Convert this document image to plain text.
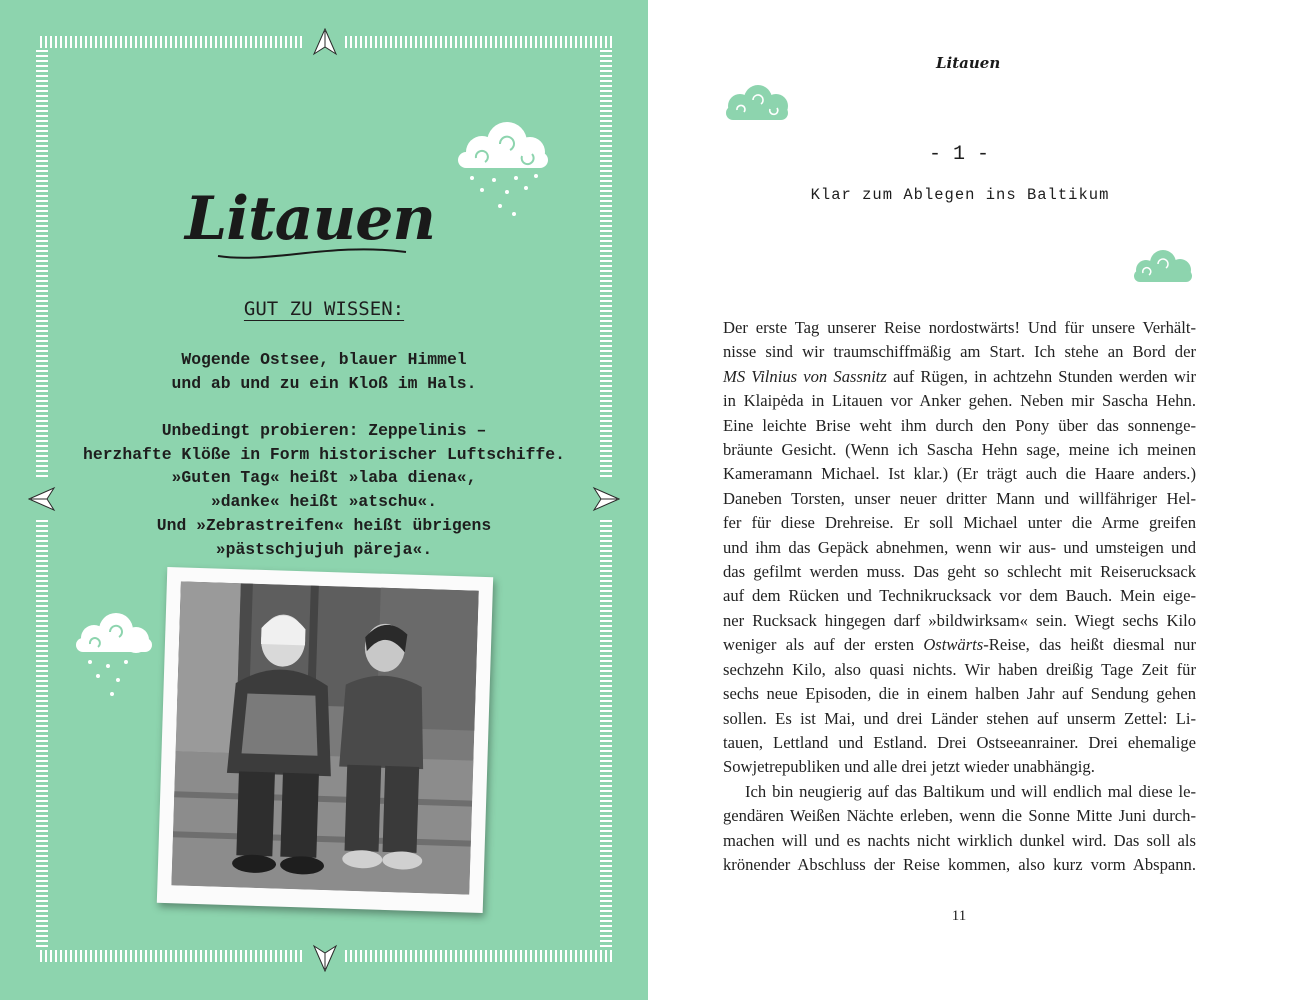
Litauen
GUT ZU WISSEN:
Wogende Ostsee, blauer Himmel
und ab und zu ein Kloß im Hals.
Unbedingt probieren: Zeppelinis –
herzhafte Klöße in Form historischer Luftschiffe.
»Guten Tag« heißt »laba diena«,
»danke« heißt »atschu«.
Und »Zebrastreifen« heißt übrigens
»pästschjujuh päreja«.
Litauen
- 1 -
Klar zum Ablegen ins Baltikum
Der erste Tag unserer Reise nordostwärts! Und für unsere Verhält-
nisse sind wir traumschiffmäßig am Start. Ich stehe an Bord der
MS Vilnius von Sassnitz auf Rügen, in achtzehn Stunden werden wir
in Klaipėda in Litauen vor Anker gehen. Neben mir Sascha Hehn.
Eine leichte Brise weht ihm durch den Pony über das sonnenge-
bräunte Gesicht. (Wenn ich Sascha Hehn sage, meine ich meinen
Kameramann Michael. Ist klar.) (Er trägt auch die Haare anders.)
Daneben Torsten, unser neuer dritter Mann und willfähriger Hel-
fer für diese Drehreise. Er soll Michael unter die Arme greifen
und ihm das Gepäck abnehmen, wenn wir aus- und umsteigen und
das gefilmt werden muss. Das geht so schlecht mit Reiserucksack
auf dem Rücken und Technikrucksack vor dem Bauch. Mein eige-
ner Rucksack hingegen darf »bildwirksam« sein. Wiegt sechs Kilo
weniger als auf der ersten Ostwärts-Reise, das heißt diesmal nur
sechzehn Kilo, also quasi nichts. Wir haben dreißig Tage Zeit für
sechs neue Episoden, die in einem halben Jahr auf Sendung gehen
sollen. Es ist Mai, und drei Länder stehen auf unserm Zettel: Li-
tauen, Lettland und Estland. Drei Ostseeanrainer. Drei ehemalige
Sowjetrepubliken und alle drei jetzt wieder unabhängig.
Ich bin neugierig auf das Baltikum und will endlich mal diese le-
gendären Weißen Nächte erleben, wenn die Sonne Mitte Juni durch-
machen will und es nachts nicht wirklich dunkel wird. Das soll als
krönender Abschluss der Reise kommen, also kurz vorm Abspann.
11
